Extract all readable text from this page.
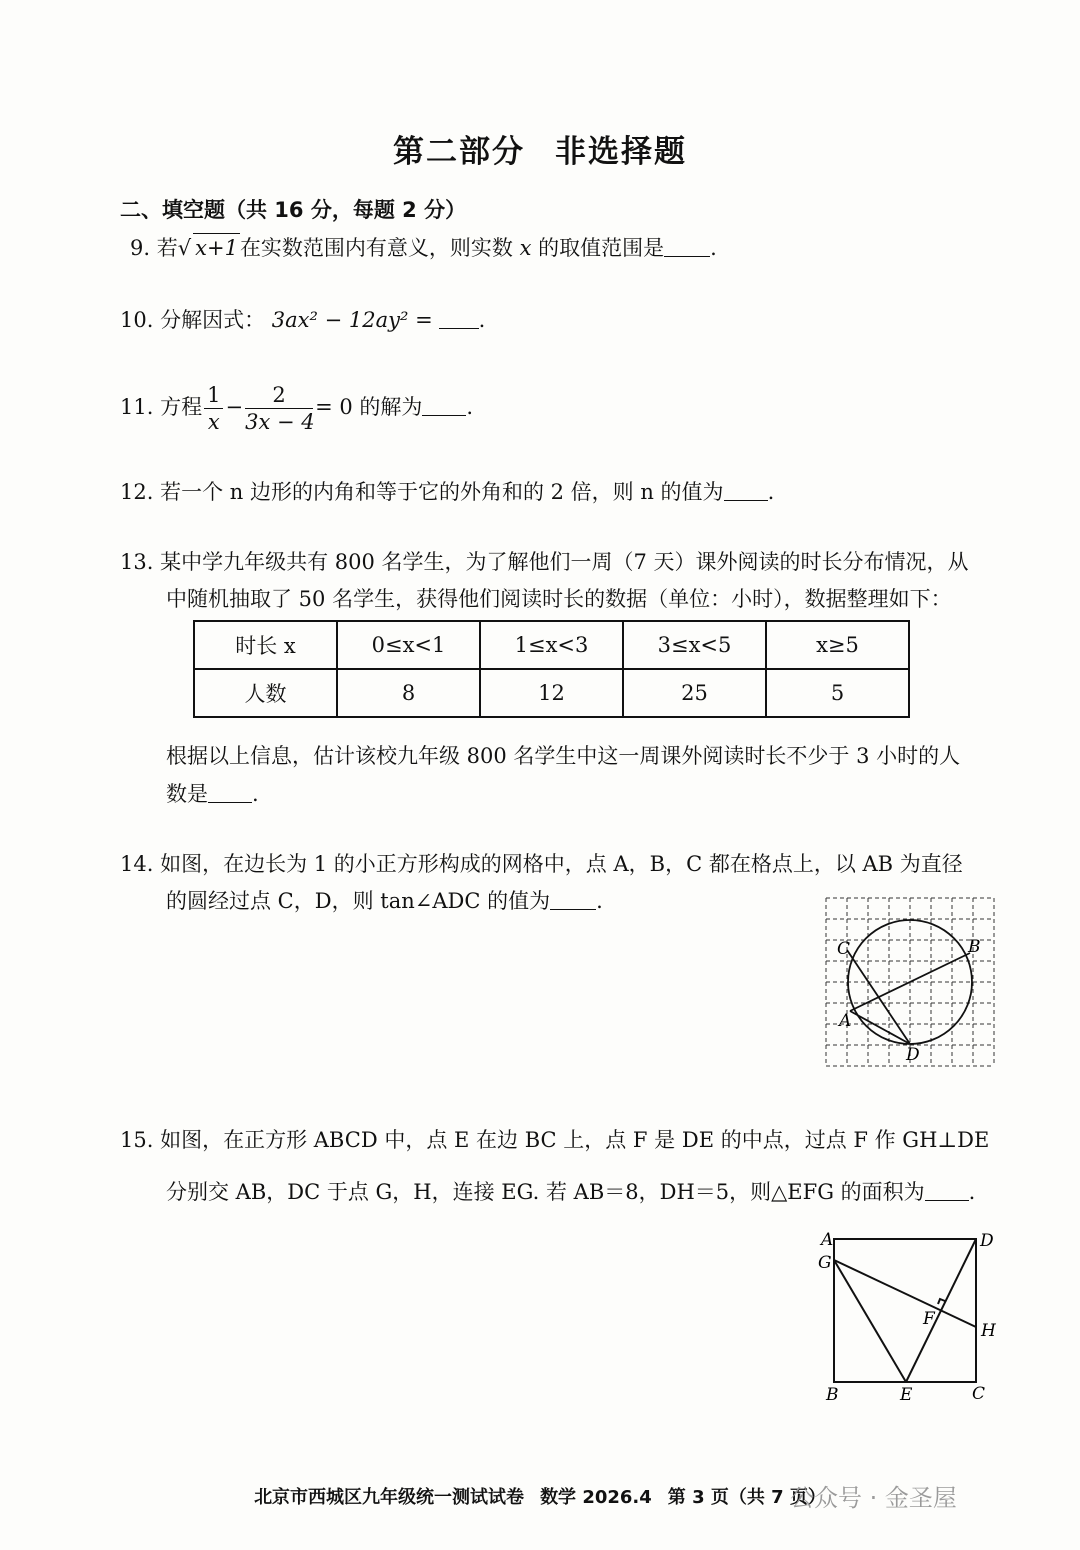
第二部分 非选择题
二、填空题（共 16 分，每题 2 分）
9. 若√ x+1在实数范围内有意义，则实数 x 的取值范围是 .
10. 分解因式： 3ax² − 12ay² = .
11. 方程 $\frac{1}{x} - \frac{2}{3x - 4} = 0$ 的解为 .
12. 若一个 n 边形的内角和等于它的外角和的 2 倍，则 n 的值为 .
13. 某中学九年级共有 800 名学生，为了解他们一周（7 天）课外阅读的时长分布情况，从
中随机抽取了 50 名学生，获得他们阅读时长的数据（单位：小时），数据整理如下：
时长 x	0≤x<1	1≤x<3	3≤x<5	x≥5
人数	8	12	25	5
根据以上信息，估计该校九年级 800 名学生中这一周课外阅读时长不少于 3 小时的人
数是 .
14. 如图，在边长为 1 的小正方形构成的网格中，点 A，B，C 都在格点上，以 AB 为直径
的圆经过点 C，D，则 tan∠ADC 的值为 .
C	B
A
D
15. 如图，在正方形 ABCD 中，点 E 在边 BC 上，点 F 是 DE 的中点，过点 F 作 GH⊥DE
分别交 AB，DC 于点 G，H，连接 EG. 若 AB＝8，DH＝5，则△EFG 的面积为 .
A
G
D
F
H
B	E	C
北京市西城区九年级统一测试试卷 数学 2026.4 第 3 页（共 7 页）
公众号 · 金圣屋
